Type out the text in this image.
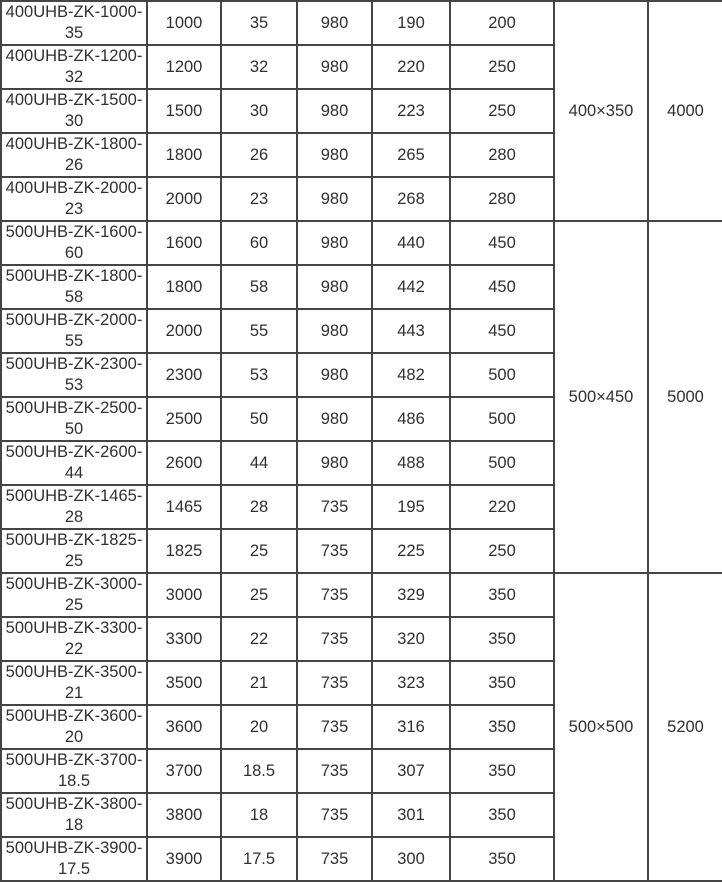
400UHB-ZK-1000-35	1000	35	980	190	200	400×350	4000
400UHB-ZK-1200-32	1200	32	980	220	250		
400UHB-ZK-1500-30	1500	30	980	223	250		
400UHB-ZK-1800-26	1800	26	980	265	280		
400UHB-ZK-2000-23	2000	23	980	268	280		
500UHB-ZK-1600-60	1600	60	980	440	450	500×450	5000
500UHB-ZK-1800-58	1800	58	980	442	450		
500UHB-ZK-2000-55	2000	55	980	443	450		
500UHB-ZK-2300-53	2300	53	980	482	500		
500UHB-ZK-2500-50	2500	50	980	486	500		
500UHB-ZK-2600-44	2600	44	980	488	500		
500UHB-ZK-1465-28	1465	28	735	195	220		
500UHB-ZK-1825-25	1825	25	735	225	250		
500UHB-ZK-3000-25	3000	25	735	329	350	500×500	5200
500UHB-ZK-3300-22	3300	22	735	320	350		
500UHB-ZK-3500-21	3500	21	735	323	350		
500UHB-ZK-3600-20	3600	20	735	316	350		
500UHB-ZK-3700-18.5	3700	18.5	735	307	350		
500UHB-ZK-3800-18	3800	18	735	301	350		
500UHB-ZK-3900-17.5	3900	17.5	735	300	350		
